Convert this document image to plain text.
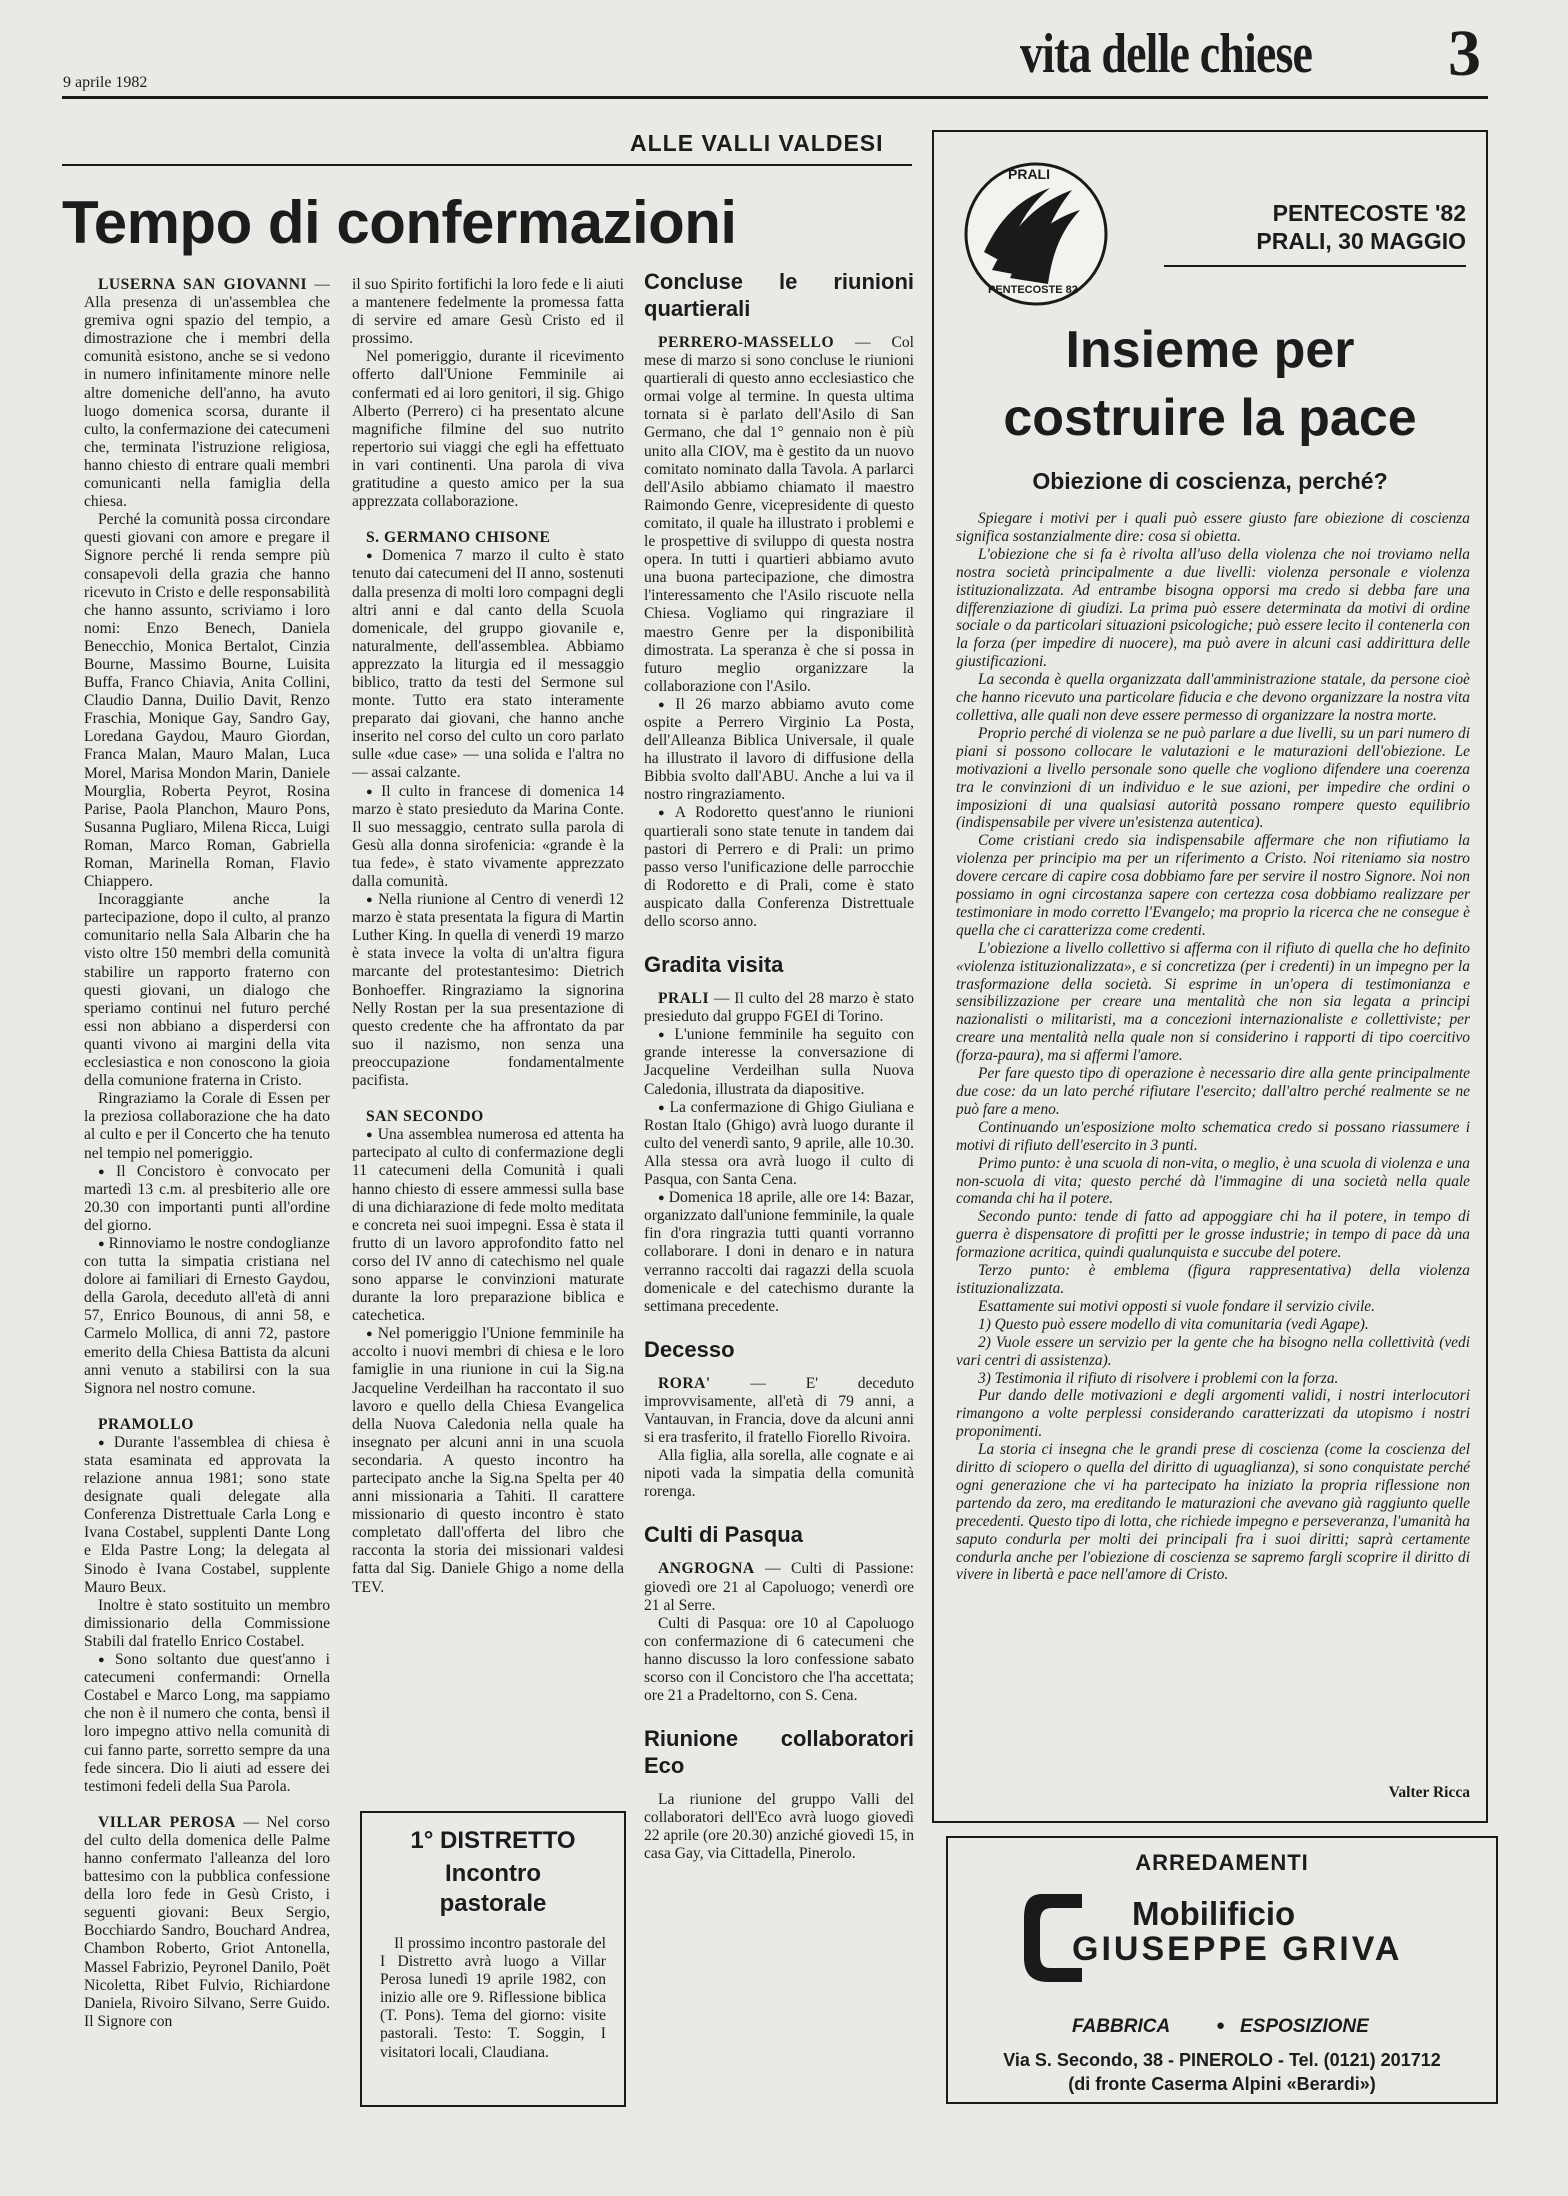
9 aprile 1982	vita delle chiese 3
ALLE VALLI VALDESI
Tempo di confermazioni

LUSERNA SAN GIOVANNI — Alla presenza di un'assemblea che gremiva ogni spazio del tempio, a dimostrazione che i membri della comunità esistono, anche se si vedono in numero infinitamente minore nelle altre domeniche dell'anno, ha avuto luogo domenica scorsa, durante il culto, la confermazione dei catecumeni che, terminata l'istruzione religiosa, hanno chiesto di entrare quali membri comunicanti nella famiglia della chiesa.

Perché la comunità possa circondare questi giovani con amore e pregare il Signore perché li renda sempre più consapevoli della grazia che hanno ricevuto in Cristo e delle responsabilità che hanno assunto, scriviamo i loro nomi: Enzo Benech, Daniela Benecchio, Monica Bertalot, Cinzia Bourne, Massimo Bourne, Luisita Buffa, Franco Chiavia, Anita Collini, Claudio Danna, Duilio Davit, Renzo Fraschia, Monique Gay, Sandro Gay, Loredana Gaydou, Mauro Giordan, Franca Malan, Mauro Malan, Luca Morel, Marisa Mondon Marin, Daniele Mourglia, Roberta Peyrot, Rosina Parise, Paola Planchon, Mauro Pons, Susanna Pugliaro, Milena Ricca, Luigi Roman, Marco Roman, Gabriella Roman, Marinella Roman, Flavio Chiappero.

Incoraggiante anche la partecipazione, dopo il culto, al pranzo comunitario nella Sala Albarin che ha visto oltre 150 membri della comunità stabilire un rapporto fraterno con questi giovani, un dialogo che speriamo continui nel futuro perché essi non abbiano a disperdersi con quanti vivono ai margini della vita ecclesiastica e non conoscono la gioia della comunione fraterna in Cristo.

Ringraziamo la Corale di Essen per la preziosa collaborazione che ha dato al culto e per il Concerto che ha tenuto nel tempio nel pomeriggio.

● Il Concistoro è convocato per martedì 13 c.m. al presbiterio alle ore 20.30 con importanti punti all'ordine del giorno.

● Rinnoviamo le nostre condoglianze con tutta la simpatia cristiana nel dolore ai familiari di Ernesto Gaydou, della Garola, deceduto all'età di anni 57, Enrico Bounous, di anni 58, e Carmelo Mollica, di anni 72, pastore emerito della Chiesa Battista da alcuni anni venuto a stabilirsi con la sua Signora nel nostro comune.

PRAMOLLO

● Durante l'assemblea di chiesa è stata esaminata ed approvata la relazione annua 1981; sono state designate quali delegate alla Conferenza Distrettuale Carla Long e Ivana Costabel, supplenti Dante Long e Elda Pastre Long; la delegata al Sinodo è Ivana Costabel, supplente Mauro Beux.

Inoltre è stato sostituito un membro dimissionario della Commissione Stabili dal fratello Enrico Costabel.

● Sono soltanto due quest'anno i catecumeni confermandi: Ornella Costabel e Marco Long, ma sappiamo che non è il numero che conta, bensì il loro impegno attivo nella comunità di cui fanno parte, sorretto sempre da una fede sincera. Dio li aiuti ad essere dei testimoni fedeli della Sua Parola.

VILLAR PEROSA — Nel corso del culto della domenica delle Palme hanno confermato l'alleanza del loro battesimo con la pubblica confessione della loro fede in Gesù Cristo, i seguenti giovani: Beux Sergio, Bocchiardo Sandro, Bouchard Andrea, Chambon Roberto, Griot Antonella, Massel Fabrizio, Peyronel Danilo, Poët Nicoletta, Ribet Fulvio, Richiardone Daniela, Rivoiro Silvano, Serre Guido. Il Signore con

il suo Spirito fortifichi la loro fede e li aiuti a mantenere fedelmente la promessa fatta di servire ed amare Gesù Cristo ed il prossimo.

Nel pomeriggio, durante il ricevimento offerto dall'Unione Femminile ai confermati ed ai loro genitori, il sig. Ghigo Alberto (Perrero) ci ha presentato alcune magnifiche filmine del suo nutrito repertorio sui viaggi che egli ha effettuato in vari continenti. Una parola di viva gratitudine a questo amico per la sua apprezzata collaborazione.

S. GERMANO CHISONE

● Domenica 7 marzo il culto è stato tenuto dai catecumeni del II anno, sostenuti dalla presenza di molti loro compagni degli altri anni e dal canto della Scuola domenicale, del gruppo giovanile e, naturalmente, dell'assemblea. Abbiamo apprezzato la liturgia ed il messaggio biblico, tratto da testi del Sermone sul monte. Tutto era stato interamente preparato dai giovani, che hanno anche inserito nel corso del culto un coro parlato sulle «due case» — una solida e l'altra no — assai calzante.

● Il culto in francese di domenica 14 marzo è stato presieduto da Marina Conte. Il suo messaggio, centrato sulla parola di Gesù alla donna sirofenicia: «grande è la tua fede», è stato vivamente apprezzato dalla comunità.

● Nella riunione al Centro di venerdì 12 marzo è stata presentata la figura di Martin Luther King. In quella di venerdì 19 marzo è stata invece la volta di un'altra figura marcante del protestantesimo: Dietrich Bonhoeffer. Ringraziamo la signorina Nelly Rostan per la sua presentazione di questo credente che ha affrontato da par suo il nazismo, non senza una preoccupazione fondamentalmente pacifista.

SAN SECONDO

● Una assemblea numerosa ed attenta ha partecipato al culto di confermazione degli 11 catecumeni della Comunità i quali hanno chiesto di essere ammessi sulla base di una dichiarazione di fede molto meditata e concreta nei suoi impegni. Essa è stata il frutto di un lavoro approfondito fatto nel corso del IV anno di catechismo nel quale sono apparse le convinzioni maturate durante la loro preparazione biblica e catechetica.

● Nel pomeriggio l'Unione femminile ha accolto i nuovi membri di chiesa e le loro famiglie in una riunione in cui la Sig.na Jacqueline Verdeilhan ha raccontato il suo lavoro e quello della Chiesa Evangelica della Nuova Caledonia nella quale ha insegnato per alcuni anni in una scuola secondaria. A questo incontro ha partecipato anche la Sig.na Spelta per 40 anni missionaria a Tahiti. Il carattere missionario di questo incontro è stato completato dall'offerta del libro che racconta la storia dei missionari valdesi fatta dal Sig. Daniele Ghigo a nome della TEV.

1° DISTRETTO
Incontro pastorale
Il prossimo incontro pastorale del I Distretto avrà luogo a Villar Perosa lunedì 19 aprile 1982, con inizio alle ore 9. Riflessione biblica (T. Pons). Tema del giorno: visite pastorali. Testo: T. Soggin, I visitatori locali, Claudiana.
Concluse le riunioni quartierali

PERRERO-MASSELLO — Col mese di marzo si sono concluse le riunioni quartierali di questo anno ecclesiastico che ormai volge al termine. In questa ultima tornata si è parlato dell'Asilo di San Germano, che dal 1° gennaio non è più unito alla CIOV, ma è gestito da un nuovo comitato nominato dalla Tavola. A parlarci dell'Asilo abbiamo chiamato il maestro Raimondo Genre, vicepresidente di questo comitato, il quale ha illustrato i problemi e le prospettive di sviluppo di questa nostra opera. In tutti i quartieri abbiamo avuto una buona partecipazione, che dimostra l'interessamento che l'Asilo riscuote nella Chiesa. Vogliamo qui ringraziare il maestro Genre per la disponibilità dimostrata. La speranza è che si possa in futuro meglio organizzare la collaborazione con l'Asilo.

● Il 26 marzo abbiamo avuto come ospite a Perrero Virginio La Posta, dell'Alleanza Biblica Universale, il quale ha illustrato il lavoro di diffusione della Bibbia svolto dall'ABU. Anche a lui va il nostro ringraziamento.

● A Rodoretto quest'anno le riunioni quartierali sono state tenute in tandem dai pastori di Perrero e di Prali: un primo passo verso l'unificazione delle parrocchie di Rodoretto e di Prali, come è stato auspicato dalla Conferenza Distrettuale dello scorso anno.

Gradita visita

PRALI — Il culto del 28 marzo è stato presieduto dal gruppo FGEI di Torino.

● L'unione femminile ha seguito con grande interesse la conversazione di Jacqueline Verdeilhan sulla Nuova Caledonia, illustrata da diapositive.

● La confermazione di Ghigo Giuliana e Rostan Italo (Ghigo) avrà luogo durante il culto del venerdì santo, 9 aprile, alle 10.30. Alla stessa ora avrà luogo il culto di Pasqua, con Santa Cena.

● Domenica 18 aprile, alle ore 14: Bazar, organizzato dall'unione femminile, la quale fin d'ora ringrazia tutti quanti vorranno collaborare. I doni in denaro e in natura verranno raccolti dai ragazzi della scuola domenicale e del catechismo durante la settimana precedente.

Decesso

RORA' — E' deceduto improvvisamente, all'età di 79 anni, a Vantauvan, in Francia, dove da alcuni anni si era trasferito, il fratello Fiorello Rivoira.

Alla figlia, alla sorella, alle cognate e ai nipoti vada la simpatia della comunità rorenga.

Culti di Pasqua

ANGROGNA — Culti di Passione: giovedì ore 21 al Capoluogo; venerdì ore 21 al Serre.

Culti di Pasqua: ore 10 al Capoluogo con confermazione di 6 catecumeni che hanno discusso la loro confessione sabato scorso con il Concistoro che l'ha accettata; ore 21 a Pradeltorno, con S. Cena.

Riunione collaboratori Eco

La riunione del gruppo Valli del collaboratori dell'Eco avrà luogo giovedì 22 aprile (ore 20.30) anziché giovedì 15, in casa Gay, via Cittadella, Pinerolo.

PRALI
PENTECOSTE 82
PENTECOSTE '82
PRALI, 30 MAGGIO
Insieme per
costruire la pace
Obiezione di coscienza, perché?

Spiegare i motivi per i quali può essere giusto fare obiezione di coscienza significa sostanzialmente dire: cosa si obietta.

L'obiezione che si fa è rivolta all'uso della violenza che noi troviamo nella nostra società principalmente a due livelli: violenza personale e violenza istituzionalizzata. Ad entrambe bisogna opporsi ma credo si debba fare una differenziazione di giudizi. La prima può essere determinata da motivi di ordine sociale o da particolari situazioni psicologiche; può essere lecito il contenerla con la forza (per impedire di nuocere), ma può avere in alcuni casi addirittura delle giustificazioni.

La seconda è quella organizzata dall'amministrazione statale, da persone cioè che hanno ricevuto una particolare fiducia e che devono organizzare la nostra vita collettiva, alle quali non deve essere permesso di organizzare la nostra morte.

Proprio perché di violenza se ne può parlare a due livelli, su un pari numero di piani si possono collocare le valutazioni e le maturazioni dell'obiezione. Le motivazioni a livello personale sono quelle che vogliono difendere una coerenza tra le convinzioni di un individuo e le sue azioni, per impedire che ordini o imposizioni di una qualsiasi autorità possano rompere questo equilibrio (indispensabile per vivere un'esistenza autentica).

Come cristiani credo sia indispensabile affermare che non rifiutiamo la violenza per principio ma per un riferimento a Cristo. Noi riteniamo sia nostro dovere cercare di capire cosa dobbiamo fare per servire il nostro Signore. Noi non possiamo in ogni circostanza sapere con certezza cosa dobbiamo realizzare per testimoniare in modo corretto l'Evangelo; ma proprio la ricerca che ne consegue è quella che ci caratterizza come credenti.

L'obiezione a livello collettivo si afferma con il rifiuto di quella che ho definito «violenza istituzionalizzata», e si concretizza (per i credenti) in un impegno per la trasformazione della società. Si esprime in un'opera di testimonianza e sensibilizzazione per creare una mentalità che non sia legata a principi nazionalisti o militaristi, ma a concezioni internazionaliste e collettiviste; per creare una mentalità nella quale non si considerino i rapporti di tipo coercitivo (forza-paura), ma si affermi l'amore.

Per fare questo tipo di operazione è necessario dire alla gente principalmente due cose: da un lato perché rifiutare l'esercito; dall'altro perché realmente se ne può fare a meno.

Continuando un'esposizione molto schematica credo si possano riassumere i motivi di rifiuto dell'esercito in 3 punti.

Primo punto: è una scuola di non-vita, o meglio, è una scuola di violenza e una non-scuola di vita; questo perché dà l'immagine di una società nella quale comanda chi ha il potere.

Secondo punto: tende di fatto ad appoggiare chi ha il potere, in tempo di guerra è dispensatore di profitti per le grosse industrie; in tempo di pace dà una formazione acritica, quindi qualunquista e succube del potere.

Terzo punto: è emblema (figura rappresentativa) della violenza istituzionalizzata.

Esattamente sui motivi opposti si vuole fondare il servizio civile.

1) Questo può essere modello di vita comunitaria (vedi Agape).

2) Vuole essere un servizio per la gente che ha bisogno nella collettività (vedi vari centri di assistenza).

3) Testimonia il rifiuto di risolvere i problemi con la forza.

Pur dando delle motivazioni e degli argomenti validi, i nostri interlocutori rimangono a volte perplessi considerando caratterizzati da utopismo i nostri proponimenti.

La storia ci insegna che le grandi prese di coscienza (come la coscienza del diritto di sciopero o quella del diritto di uguaglianza), si sono conquistate perché ogni generazione che vi ha partecipato ha iniziato la propria riflessione non partendo da zero, ma ereditando le maturazioni che avevano già raggiunto quelle precedenti. Questo tipo di lotta, che richiede impegno e perseveranza, l'umanità ha saputo condurla per molti dei principali fra i suoi diritti; saprà certamente condurla anche per l'obiezione di coscienza se sapremo fargli scoprire il diritto di vivere in libertà e pace nell'amore di Cristo.

Valter Ricca
ARREDAMENTI
Mobilificio
GIUSEPPE GRIVA
FABBRICA	● ESPOSIZIONE
Via S. Secondo, 38 - PINEROLO - Tel. (0121) 201712
(di fronte Caserma Alpini «Berardi»)
